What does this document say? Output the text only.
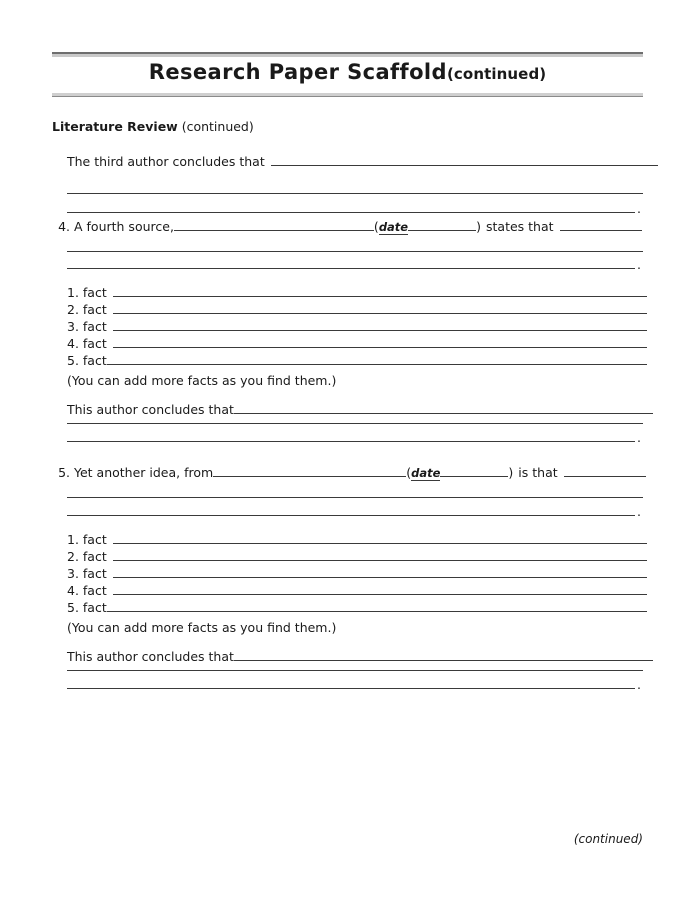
Research Paper Scaffold(continued)
Literature Review (continued)
The third author concludes that
.
4. A fourth source,	(date	) states that
.
1. fact
2. fact
3. fact
4. fact
5. fact
(You can add more facts as you find them.)
This author concludes that
.
5. Yet another idea, from	(date	) is that
.
1. fact
2. fact
3. fact
4. fact
5. fact
(You can add more facts as you find them.)
This author concludes that
.
(continued)
